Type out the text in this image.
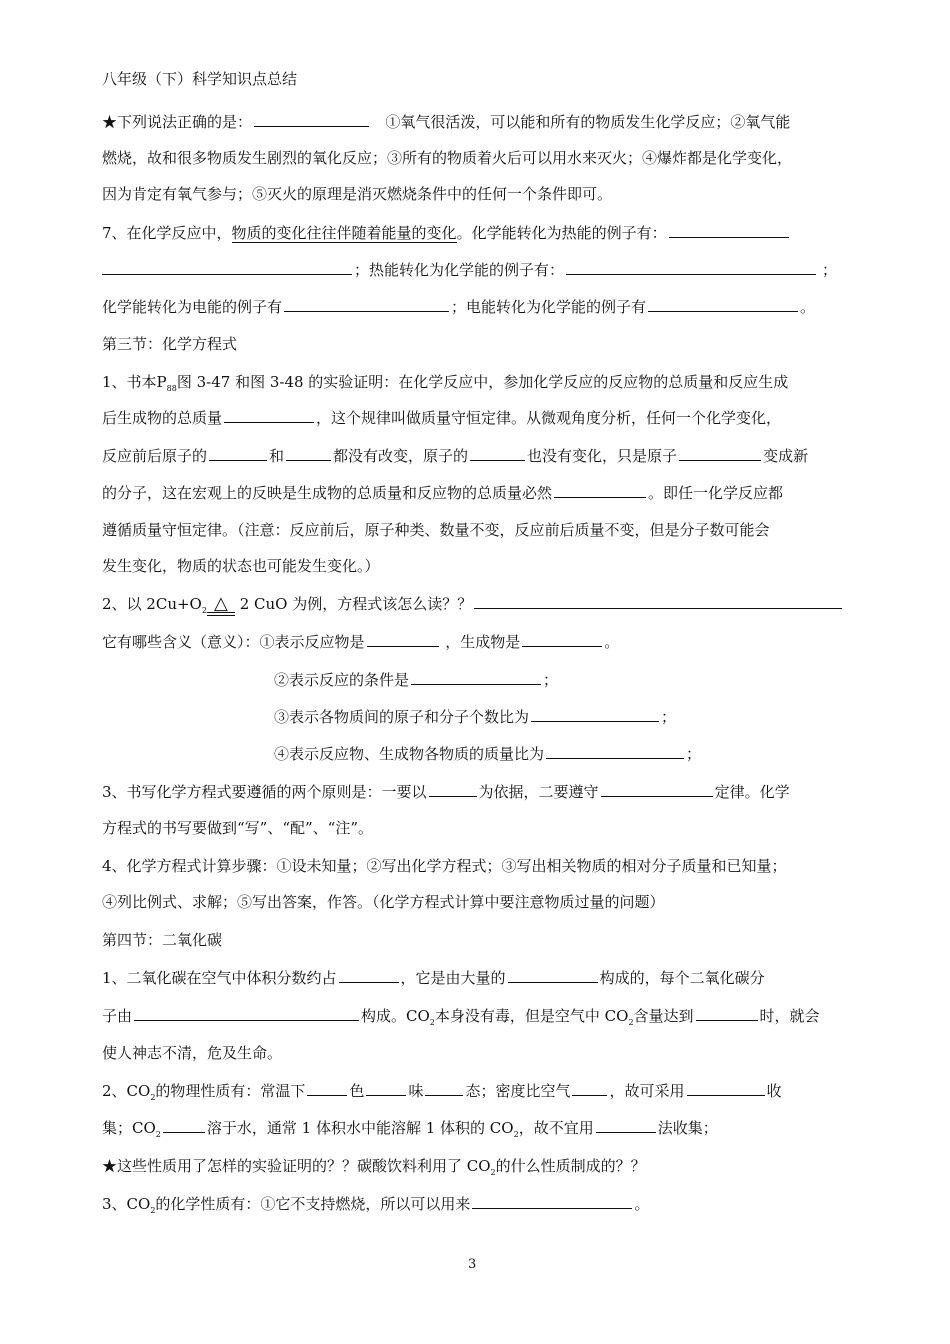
八年级（下）科学知识点总结
★下列说法正确的是：	①氧气很活泼，可以能和所有的物质发生化学反应；②氧气能
燃烧，故和很多物质发生剧烈的氧化反应；③所有的物质着火后可以用水来灭火；④爆炸都是化学变化，
因为肯定有氧气参与；⑤灭火的原理是消灭燃烧条件中的任何一个条件即可。
7、在化学反应中，物质的变化往往伴随着能量的变化。化学能转化为热能的例子有：
；热能转化为化学能的例子有：	；
化学能转化为电能的例子有	；电能转化为化学能的例子有	。
第三节：化学方程式
1、书本$P_{88}$图 3-47 和图 3-48 的实验证明：在化学反应中，参加化学反应的反应物的总质量和反应生成
后生成物的总质量	，这个规律叫做质量守恒定律。从微观角度分析，任何一个化学变化，
反应前后原子的	和	都没有改变，原子的	也没有变化，只是原子	变成新
的分子，这在宏观上的反映是生成物的总质量和反应物的总质量必然	。即任一化学反应都
遵循质量守恒定律。（注意：反应前后，原子种类、数量不变，反应前后质量不变，但是分子数可能会
发生变化，物质的状态也可能发生变化。）
2、以 $2Cu+O_2$ △ 2 CuO 为例，方程式该怎么读？？
它有哪些含义（意义）：①表示反应物是	，生成物是	。
②表示反应的条件是	；
③表示各物质间的原子和分子个数比为	；
④表示反应物、生成物各物质的质量比为	；
3、书写化学方程式要遵循的两个原则是：一要以	为依据，二要遵守	定律。化学
方程式的书写要做到“写”、“配”、“注”。
4、化学方程式计算步骤：①设未知量；②写出化学方程式；③写出相关物质的相对分子质量和已知量；
④列比例式、求解；⑤写出答案，作答。（化学方程式计算中要注意物质过量的问题）
第四节：二氧化碳
1、二氧化碳在空气中体积分数约占	，它是由大量的	构成的，每个二氧化碳分
子由	构成。$CO_2$本身没有毒，但是空气中 $CO_2$含量达到	时，就会
使人神志不清，危及生命。
2、$CO_2$的物理性质有：常温下	色	味	态；密度比空气	，故可采用	收
集；$CO_2$	溶于水，通常 1 体积水中能溶解 1 体积的 $CO_2$，故不宜用	法收集；
★这些性质用了怎样的实验证明的？？碳酸饮料利用了 $CO_2$的什么性质制成的？？
3、$CO_2$的化学性质有：①它不支持燃烧，所以可以用来	。
3
